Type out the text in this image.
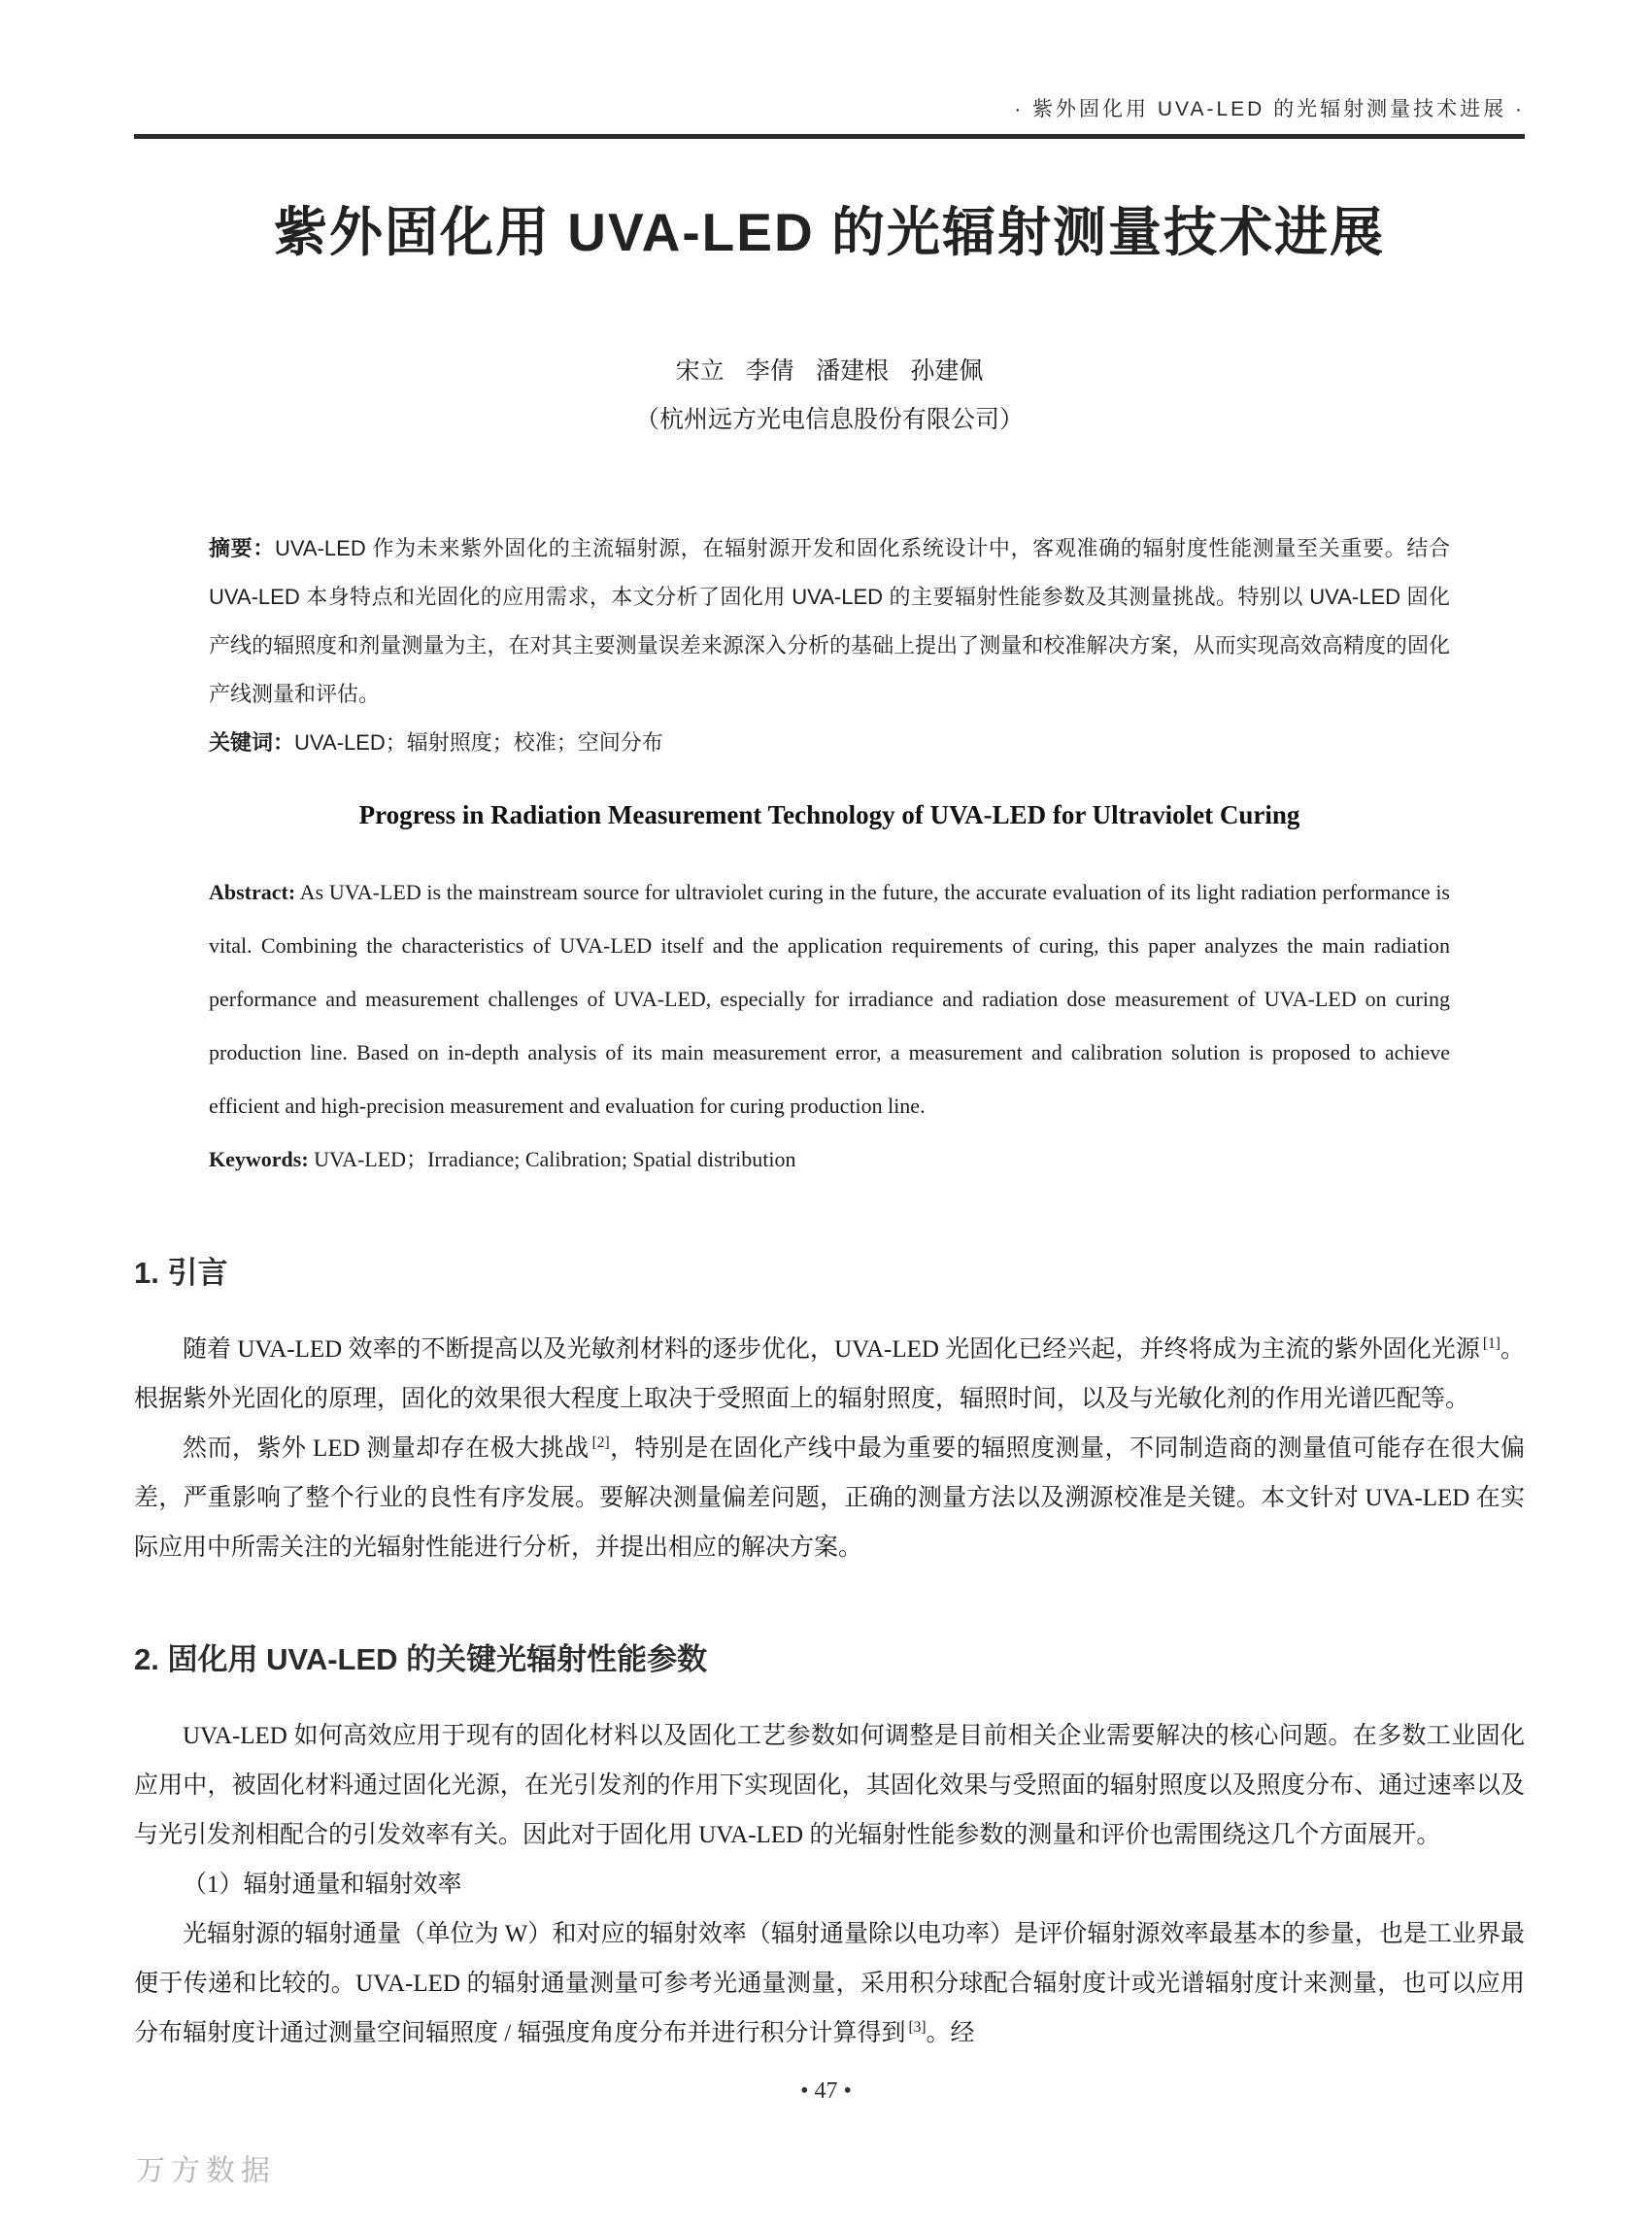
· 紫外固化用 UVA-LED 的光辐射测量技术进展 ·
紫外固化用 UVA-LED 的光辐射测量技术进展
宋立 李倩 潘建根 孙建佩
（杭州远方光电信息股份有限公司）

摘要：UVA-LED 作为未来紫外固化的主流辐射源，在辐射源开发和固化系统设计中，客观准确的辐射度性能测量至关重要。结合 UVA-LED 本身特点和光固化的应用需求，本文分析了固化用 UVA-LED 的主要辐射性能参数及其测量挑战。特别以 UVA-LED 固化产线的辐照度和剂量测量为主，在对其主要测量误差来源深入分析的基础上提出了测量和校准解决方案，从而实现高效高精度的固化产线测量和评估。

关键词：UVA-LED；辐射照度；校准；空间分布

Progress in Radiation Measurement Technology of UVA-LED for Ultraviolet Curing

Abstract: As UVA-LED is the mainstream source for ultraviolet curing in the future, the accurate evaluation of its light radiation performance is vital. Combining the characteristics of UVA-LED itself and the application requirements of curing, this paper analyzes the main radiation performance and measurement challenges of UVA-LED, especially for irradiance and radiation dose measurement of UVA-LED on curing production line. Based on in-depth analysis of its main measurement error, a measurement and calibration solution is proposed to achieve efficient and high-precision measurement and evaluation for curing production line.

Keywords: UVA-LED；Irradiance; Calibration; Spatial distribution

1. 引言

随着 UVA-LED 效率的不断提高以及光敏剂材料的逐步优化，UVA-LED 光固化已经兴起，并终将成为主流的紫外固化光源 [1]。根据紫外光固化的原理，固化的效果很大程度上取决于受照面上的辐射照度，辐照时间，以及与光敏化剂的作用光谱匹配等。

然而，紫外 LED 测量却存在极大挑战 [2]，特别是在固化产线中最为重要的辐照度测量，不同制造商的测量值可能存在很大偏差，严重影响了整个行业的良性有序发展。要解决测量偏差问题，正确的测量方法以及溯源校准是关键。本文针对 UVA-LED 在实际应用中所需关注的光辐射性能进行分析，并提出相应的解决方案。

2. 固化用 UVA-LED 的关键光辐射性能参数

UVA-LED 如何高效应用于现有的固化材料以及固化工艺参数如何调整是目前相关企业需要解决的核心问题。在多数工业固化应用中，被固化材料通过固化光源，在光引发剂的作用下实现固化，其固化效果与受照面的辐射照度以及照度分布、通过速率以及与光引发剂相配合的引发效率有关。因此对于固化用 UVA-LED 的光辐射性能参数的测量和评价也需围绕这几个方面展开。

（1）辐射通量和辐射效率

光辐射源的辐射通量（单位为 W）和对应的辐射效率（辐射通量除以电功率）是评价辐射源效率最基本的参量，也是工业界最便于传递和比较的。UVA-LED 的辐射通量测量可参考光通量测量，采用积分球配合辐射度计或光谱辐射度计来测量，也可以应用分布辐射度计通过测量空间辐照度 / 辐强度角度分布并进行积分计算得到 [3]。经

• 47 •
万方数据
